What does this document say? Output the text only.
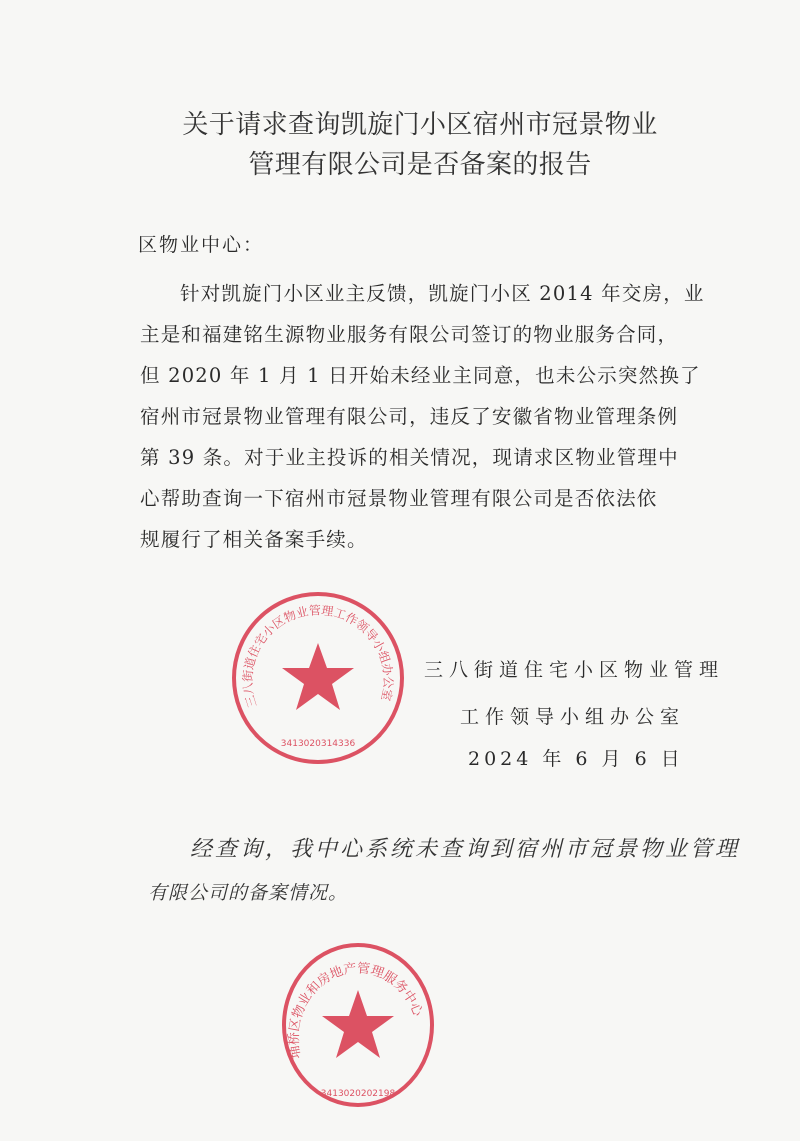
关于请求查询凯旋门小区宿州市冠景物业
管理有限公司是否备案的报告
区物业中心：
针对凯旋门小区业主反馈，凯旋门小区 2014 年交房，业
主是和福建铭生源物业服务有限公司签订的物业服务合同，
但 2020 年 1 月 1 日开始未经业主同意，也未公示突然换了
宿州市冠景物业管理有限公司，违反了安徽省物业管理条例
第 39 条。对于业主投诉的相关情况，现请求区物业管理中
心帮助查询一下宿州市冠景物业管理有限公司是否依法依
规履行了相关备案手续。
三八街道住宅小区物业管理工作领导小组办公室
3413020314336
三八街道住宅小区物业管理
工作领导小组办公室
2024 年 6 月 6 日
经查询，我中心系统未查询到宿州市冠景物业管理
有限公司的备案情况。
埇桥区物业和房地产管理服务中心
3413020202198
